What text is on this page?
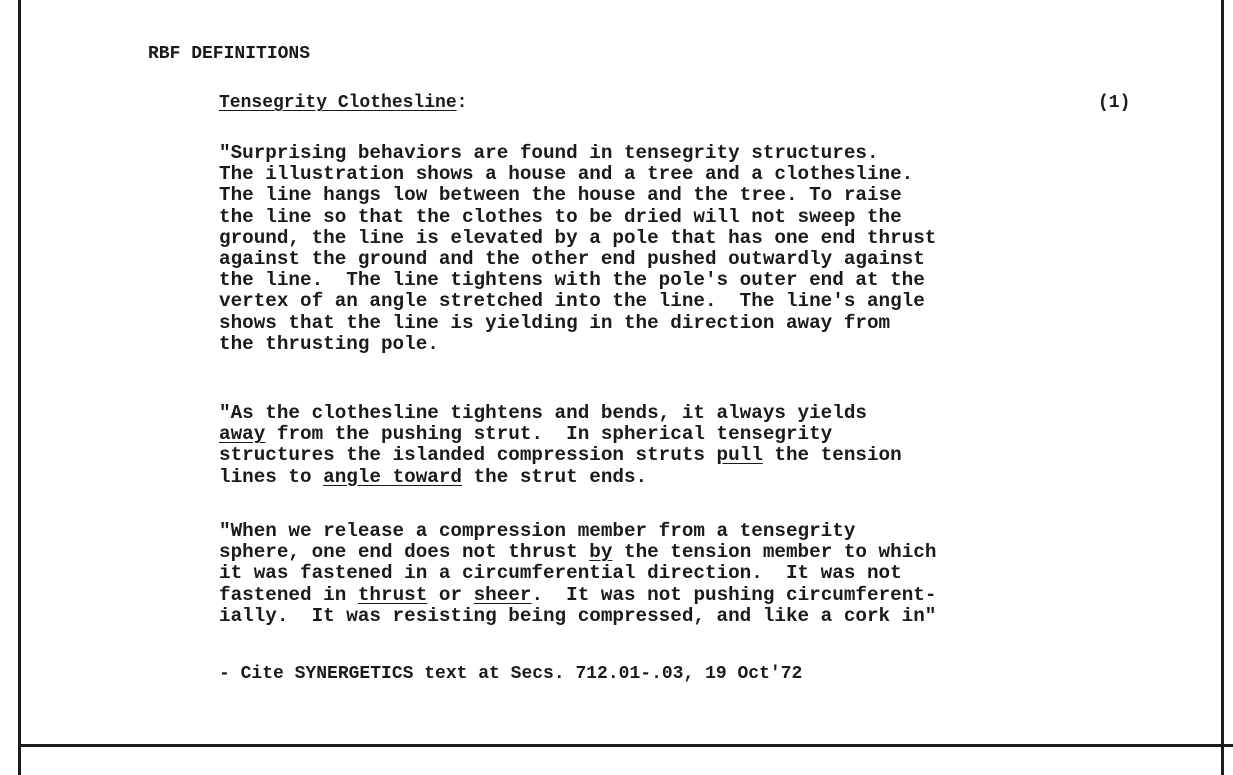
RBF DEFINITIONS
Tensegrity Clothesline:	(1)
"Surprising behaviors are found in tensegrity structures.
The illustration shows a house and a tree and a clothesline.
The line hangs low between the house and the tree. To raise
the line so that the clothes to be dried will not sweep the
ground, the line is elevated by a pole that has one end thrust
against the ground and the other end pushed outwardly against
the line.  The line tightens with the pole's outer end at the
vertex of an angle stretched into the line.  The line's angle
shows that the line is yielding in the direction away from
the thrusting pole.
"As the clothesline tightens and bends, it always yields
away from the pushing strut.  In spherical tensegrity
structures the islanded compression struts pull the tension
lines to angle toward the strut ends.
"When we release a compression member from a tensegrity
sphere, one end does not thrust by the tension member to which
it was fastened in a circumferential direction.  It was not
fastened in thrust or sheer.  It was not pushing circumferent-
ially.  It was resisting being compressed, and like a cork in"
- Cite SYNERGETICS text at Secs. 712.01-.03, 19 Oct'72
